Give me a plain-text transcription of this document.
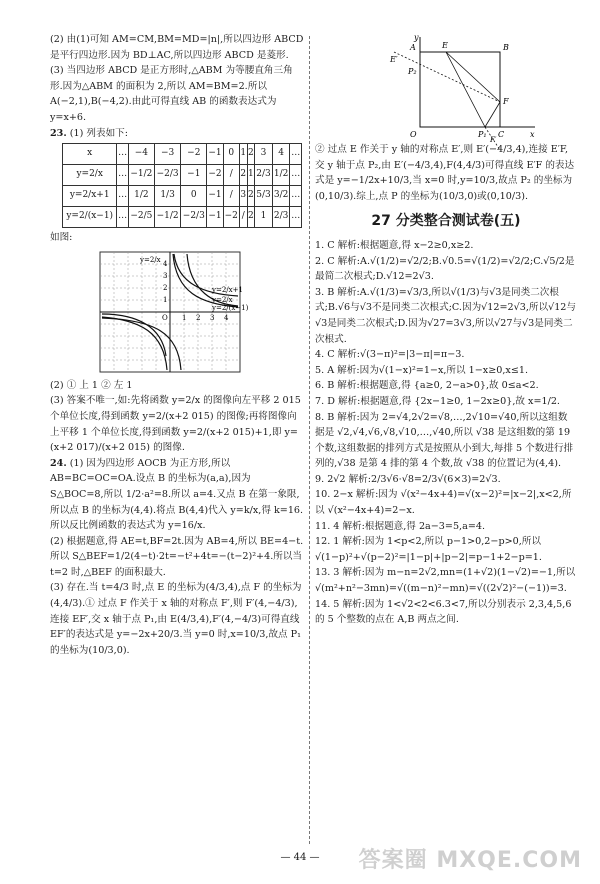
(2) 由(1)可知 AM=CM,BM=MD=|n|,所以四边形 ABCD 是平行四边形.因为 BD⊥AC,所以四边形 ABCD 是菱形.

(3) 当四边形 ABCD 是正方形时,△ABM 为等腰直角三角形.因为△ABM 的面积为 2,所以 AM=BM=2.所以 A(−2,1),B(−4,2).由此可得直线 AB 的函数表达式为 y=x+6.

23. (1) 列表如下:

x	…	−4	−3	−2	−1	0	1	2	3	4	…
y=2/x	…	−1/2	−2/3	−1	−2	/	2	1	2/3	1/2	…
y=2/x+1	…	1/2	1/3	0	−1	/	3	2	5/3	3/2	…
y=2/(x−1)	…	−2/5	−1/2	−2/3	−1	−2	/	2	1	2/3	…

如图:

y=2/x
y=2/x+1
y=2/x
y=2/(x−1)
4
3
2
1
O 1 2 3 4

(2) ① 上 1 ② 左 1

(3) 答案不唯一,如:先将函数 y=2/x 的图像向左平移 2 015 个单位长度,得到函数 y=2/(x+2 015) 的图像;再将图像向上平移 1 个单位长度,得到函数 y=2/(x+2 015)+1,即 y=(x+2 017)/(x+2 015) 的图像.

24. (1) 因为四边形 AOCB 为正方形,所以 AB=BC=OC=OA.设点 B 的坐标为(a,a),因为 S△BOC=8,所以 1/2·a²=8.所以 a=4.又点 B 在第一象限,所以点 B 的坐标为(4,4).将点 B(4,4)代入 y=k/x,得 k=16.所以反比例函数的表达式为 y=16/x.

(2) 根据题意,得 AE=t,BF=2t.因为 AB=4,所以 BE=4−t.所以 S△BEF=1/2(4−t)·2t=−t²+4t=−(t−2)²+4.所以当 t=2 时,△BEF 的面积最大.

(3) 存在.当 t=4/3 时,点 E 的坐标为(4/3,4),点 F 的坐标为(4,4/3).① 过点 F 作关于 x 轴的对称点 F′,则 F′(4,−4/3),连接 EF′,交 x 轴于点 P₁,由 E(4/3,4),F′(4,−4/3)可得直线 EF′的表达式是 y=−2x+20/3.当 y=0 时,x=10/3,故点 P₁ 的坐标为(10/3,0).

y
A	E	B
E′
P₂
F
O	P₁ C	x
F′

② 过点 E 作关于 y 轴的对称点 E′,则 E′(−4/3,4),连接 E′F,交 y 轴于点 P₂,由 E′(−4/3,4),F(4,4/3)可得直线 E′F 的表达式是 y=−1/2x+10/3,当 x=0 时,y=10/3,故点 P₂ 的坐标为(0,10/3).综上,点 P 的坐标为(10/3,0)或(0,10/3).

27 分类整合测试卷(五)

1. C 解析:根据题意,得 x−2≥0,x≥2.

2. C 解析:A.√(1/2)=√2/2;B.√0.5=√(1/2)=√2/2;C.√5/2是最简二次根式;D.√12=2√3.

3. B 解析:A.√(1/3)=√3/3,所以√(1/3)与√3是同类二次根式;B.√6与√3不是同类二次根式;C.因为√12=2√3,所以√12与√3是同类二次根式;D.因为√27=3√3,所以√27与√3是同类二次根式.

4. C 解析:√(3−π)²=|3−π|=π−3.

5. A 解析:因为√(1−x)²=1−x,所以 1−x≥0,x≤1.

6. B 解析:根据题意,得 {a≥0, 2−a>0},故 0≤a<2.

7. D 解析:根据题意,得 {2x−1≥0, 1−2x≥0},故 x=1/2.

8. B 解析:因为 2=√4,2√2=√8,…,2√10=√40,所以这组数据是 √2,√4,√6,√8,√10,…,√40,所以 √38 是这组数的第 19 个数,这组数据的排列方式是按照从小到大,每排 5 个数进行排列的,√38 是第 4 排的第 4 个数,故 √38 的位置记为(4,4).

9. 2√2 解析:2/3√6·√8=2/3√(6×3)=2√3.

10. 2−x 解析:因为 √(x²−4x+4)=√(x−2)²=|x−2|,x<2,所以 √(x²−4x+4)=2−x.

11. 4 解析:根据题意,得 2a−3=5,a=4.

12. 1 解析:因为 1<p<2,所以 p−1>0,2−p>0,所以 √(1−p)²+√(p−2)²=|1−p|+|p−2|=p−1+2−p=1.

13. 3 解析:因为 m−n=2√2,mn=(1+√2)(1−√2)=−1,所以 √(m²+n²−3mn)=√((m−n)²−mn)=√((2√2)²−(−1))=3.

14. 5 解析:因为 1<√2<2<6.3<7,所以分别表示 2,3,4,5,6 的 5 个整数的点在 A,B 两点之间.

— 44 —	答案圈 MXQE.COM
